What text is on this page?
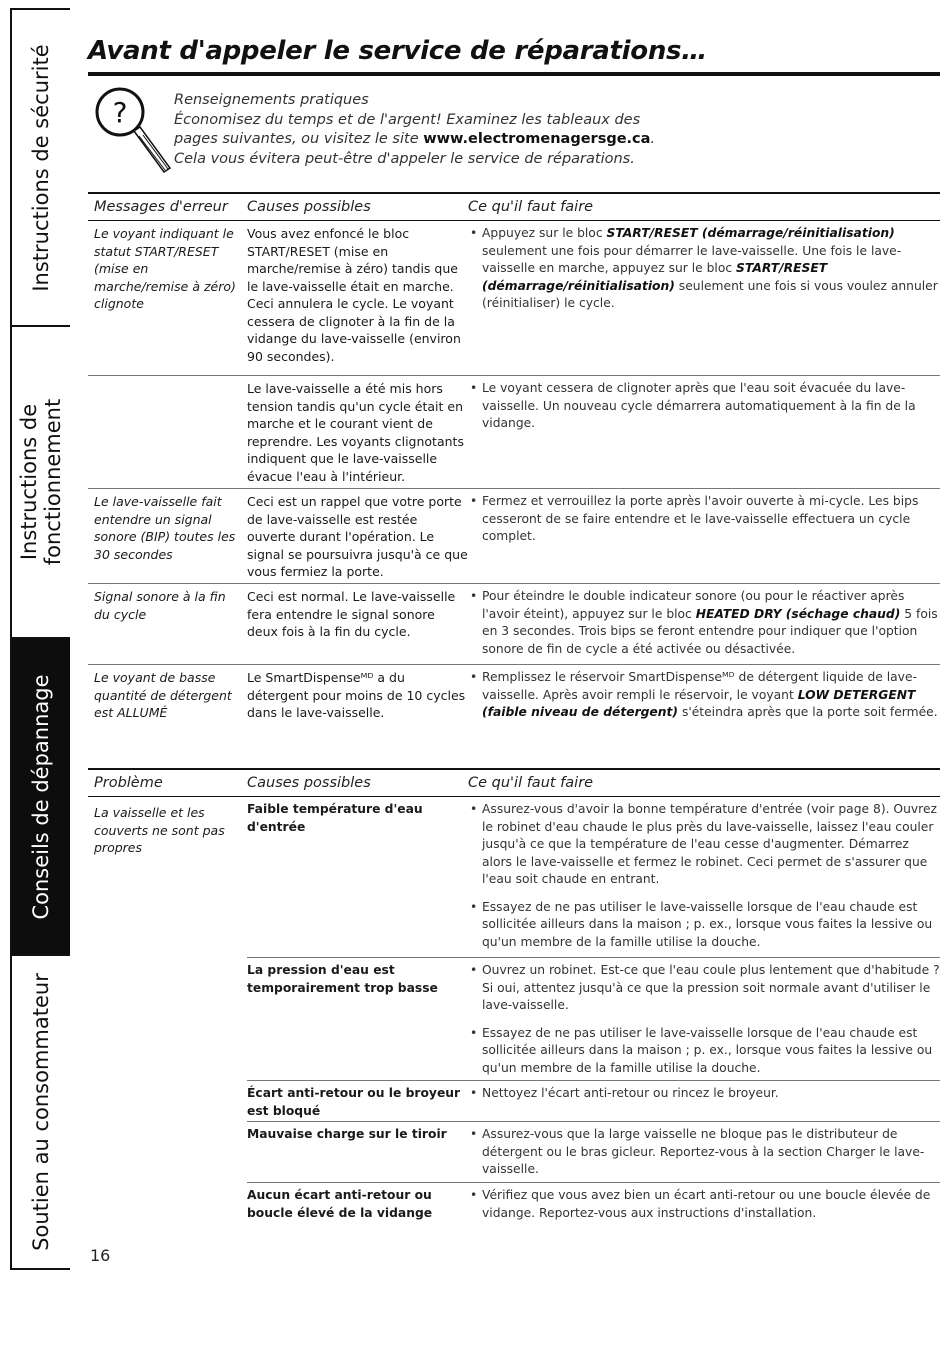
Instructions de sécurité
Instructions de fonctionnement
Conseils de dépannage
Soutien au consommateur
Avant d'appeler le service de réparations…
?	Renseignements pratiques
Économisez du temps et de l'argent! Examinez les tableaux des
pages suivantes, ou visitez le site www.electromenagersge.ca.
Cela vous évitera peut-être d'appeler le service de réparations.
Messages d'erreur Causes possibles	Ce qu'il faut faire
Le voyant indiquant le statut START/RESET (mise en marche/remise à zéro) clignote
Vous avez enfoncé le bloc START/RESET (mise en marche/remise à zéro) tandis que le lave-vaisselle était en marche. Ceci annulera le cycle. Le voyant cessera de clignoter à la fin de la vidange du lave-vaisselle (environ 90 secondes).
• Appuyez sur le bloc START/RESET (démarrage/réinitialisation) seulement une fois pour démarrer le lave-vaisselle. Une fois le lave-vaisselle en marche, appuyez sur le bloc START/RESET (démarrage/réinitialisation) seulement une fois si vous voulez annuler (réinitialiser) le cycle.
Le lave-vaisselle a été mis hors tension tandis qu'un cycle était en marche et le courant vient de reprendre. Les voyants clignotants indiquent que le lave-vaisselle évacue l'eau à l'intérieur.
• Le voyant cessera de clignoter après que l'eau soit évacuée du lave-vaisselle. Un nouveau cycle démarrera automatiquement à la fin de la vidange.
Le lave-vaisselle fait entendre un signal sonore (BIP) toutes les 30 secondes
Ceci est un rappel que votre porte de lave-vaisselle est restée ouverte durant l'opération. Le signal se poursuivra jusqu'à ce que vous fermiez la porte.
• Fermez et verrouillez la porte après l'avoir ouverte à mi-cycle. Les bips cesseront de se faire entendre et le lave-vaisselle effectuera un cycle complet.
Signal sonore à la fin du cycle
Ceci est normal. Le lave-vaisselle fera entendre le signal sonore deux fois à la fin du cycle.
• Pour éteindre le double indicateur sonore (ou pour le réactiver après l'avoir éteint), appuyez sur le bloc HEATED DRY (séchage chaud) 5 fois en 3 secondes. Trois bips se feront entendre pour indiquer que l'option sonore de fin de cycle a été activée ou désactivée.
Le voyant de basse quantité de détergent est ALLUMÉ
Le SmartDispenseᴹᴰ a du détergent pour moins de 10 cycles dans le lave-vaisselle.
• Remplissez le réservoir SmartDispenseᴹᴰ de détergent liquide de lave-vaisselle. Après avoir rempli le réservoir, le voyant LOW DETERGENT (faible niveau de détergent) s'éteindra après que la porte soit fermée.
Problème	Causes possibles	Ce qu'il faut faire
La vaisselle et les couverts ne sont pas propres
Faible température d'eau d'entrée
• Assurez-vous d'avoir la bonne température d'entrée (voir page 8). Ouvrez le robinet d'eau chaude le plus près du lave-vaisselle, laissez l'eau couler jusqu'à ce que la température de l'eau cesse d'augmenter. Démarrez alors le lave-vaisselle et fermez le robinet. Ceci permet de s'assurer que l'eau soit chaude en entrant.
• Essayez de ne pas utiliser le lave-vaisselle lorsque de l'eau chaude est sollicitée ailleurs dans la maison ; p. ex., lorsque vous faites la lessive ou qu'un membre de la famille utilise la douche.
La pression d'eau est temporairement trop basse
• Ouvrez un robinet. Est-ce que l'eau coule plus lentement que d'habitude ? Si oui, attentez jusqu'à ce que la pression soit normale avant d'utiliser le lave-vaisselle.
• Essayez de ne pas utiliser le lave-vaisselle lorsque de l'eau chaude est sollicitée ailleurs dans la maison ; p. ex., lorsque vous faites la lessive ou qu'un membre de la famille utilise la douche.
Écart anti-retour ou le broyeur est bloqué
• Nettoyez l'écart anti-retour ou rincez le broyeur.
Mauvaise charge sur le tiroir
•	Assurez-vous que la large vaisselle ne bloque pas le distributeur de détergent ou le bras gicleur. Reportez-vous à la section Charger le lave-vaisselle.
Aucun écart anti-retour ou boucle élevé de la vidange
• Vérifiez que vous avez bien un écart anti-retour ou une boucle élevée de vidange. Reportez-vous aux instructions d'installation.
16
